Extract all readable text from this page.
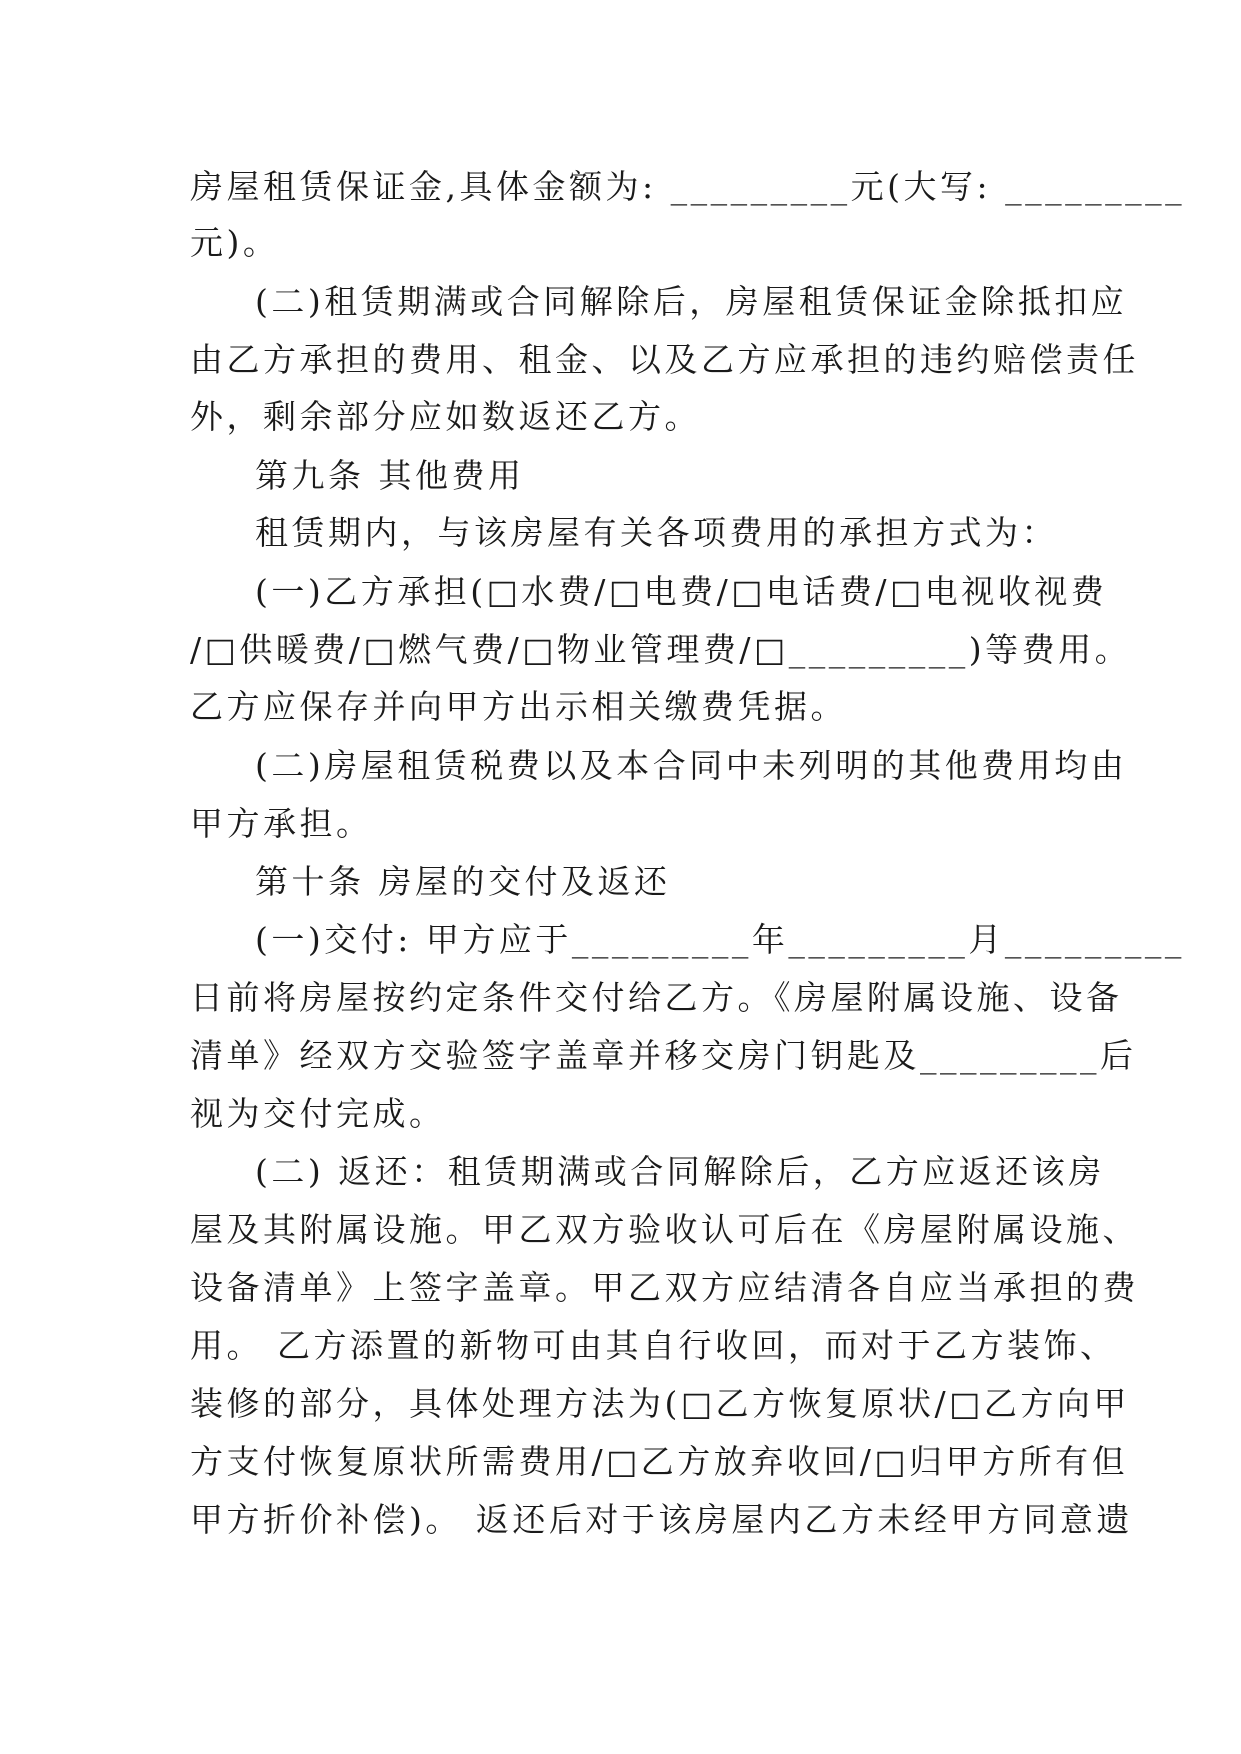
房屋租赁保证金,具体金额为: _________元(大写: _________
元)。
(二)租赁期满或合同解除后，房屋租赁保证金除抵扣应
由乙方承担的费用、租金、以及乙方应承担的违约赔偿责任
外，剩余部分应如数返还乙方。
第九条 其他费用
租赁期内，与该房屋有关各项费用的承担方式为：
(一)乙方承担(□水费/□电费/□电话费/□电视收视费
/□供暖费/□燃气费/□物业管理费/□_________)等费用。
乙方应保存并向甲方出示相关缴费凭据。
(二)房屋租赁税费以及本合同中未列明的其他费用均由
甲方承担。
第十条 房屋的交付及返还
(一)交付: 甲方应于_________年_________月_________
日前将房屋按约定条件交付给乙方。《房屋附属设施、设备
清单》经双方交验签字盖章并移交房门钥匙及_________后
视为交付完成。
(二) 返还：租赁期满或合同解除后，乙方应返还该房
屋及其附属设施。甲乙双方验收认可后在《房屋附属设施、
设备清单》上签字盖章。甲乙双方应结清各自应当承担的费
用。 乙方添置的新物可由其自行收回，而对于乙方装饰、
装修的部分，具体处理方法为(□乙方恢复原状/□乙方向甲
方支付恢复原状所需费用/□乙方放弃收回/□归甲方所有但
甲方折价补偿)。 返还后对于该房屋内乙方未经甲方同意遗
